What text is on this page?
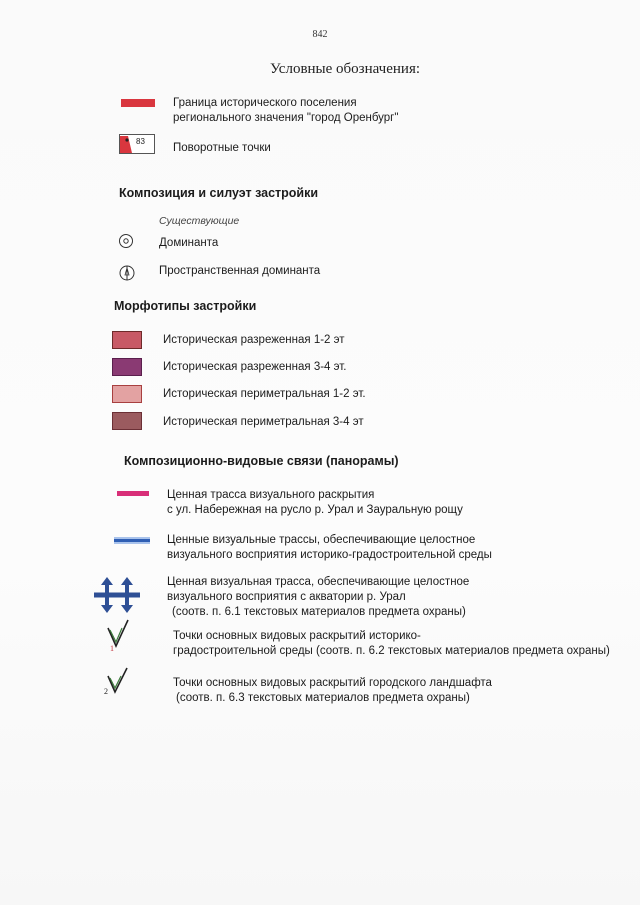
842
Условные обозначения:
Граница исторического поселения
регионального значения "город Оренбург"
83
Поворотные точки
Композиция и силуэт застройки
Существующие
Доминанта
Пространственная доминанта
Морфотипы застройки
Историческая разреженная 1-2 эт
Историческая разреженная 3-4 эт.
Историческая периметральная 1-2 эт.
Историческая периметральная 3-4 эт
Композиционно-видовые связи (панорамы)
Ценная трасса визуального раскрытия
с ул. Набережная на русло р. Урал и Зауральную рощу
Ценные визуальные трассы, обеспечивающие целостное
визуального восприятия историко-градостроительной среды
Ценная визуальная трасса, обеспечивающие целостное
визуального восприятия с акватории р. Урал
(соотв. п. 6.1 текстовых материалов предмета охраны)
1
Точки основных видовых раскрытий историко-
градостроительной среды (соотв. п. 6.2 текстовых материалов предмета охраны)
2
Точки основных видовых раскрытий городского ландшафта
(соотв. п. 6.3 текстовых материалов предмета охраны)
